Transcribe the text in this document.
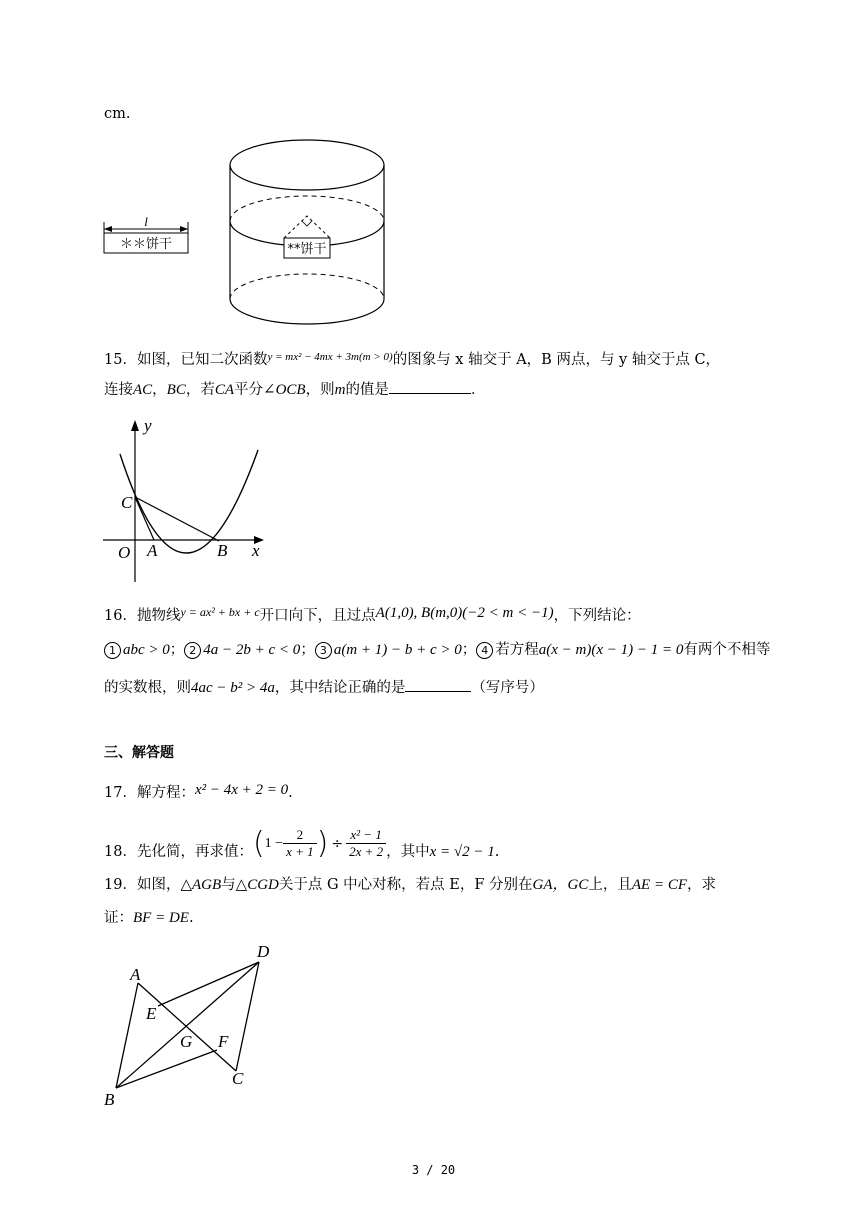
cm.
l
＊＊饼干	**饼干
15．如图，已知二次函数$^{y = mx^2 - 4mx + 3m(m > 0)}$的图象与 x 轴交于 A，B 两点，与 y 轴交于点 C，
连接AC，BC，若CA平分∠OCB，则m的值是	．
y
x
O A	B
C
16．抛物线$^{y = ax^2 + bx + c}$开口向下，且过点A(1,0), B(m,0)(−2 < m < −1)，下列结论：
1 abc > 0； 2 4a − 2b + c < 0； 3 a(m + 1) − b + c > 0； 4 若方程a(x − m)(x − 1) − 1 = 0有两个不相等
的实数根，则4ac − b² > 4a，其中结论正确的是	（写序号）
三、解答题
17．解方程：x² − 4x + 2 = 0.
18． 先化简，再求值： ( $1 - \frac{2}{x + 1}$ ) ÷ $\frac{\text{x² − 1}}{2x + 2}$ ，其中 x = √2 − 1 .
19．如图，△AGB与△CGD关于点 G 中心对称，若点 E，F 分别在GA，GC上，且AE = CF，求
证：BF = DE.
A
B
C
D
E
F
G
3 / 20
